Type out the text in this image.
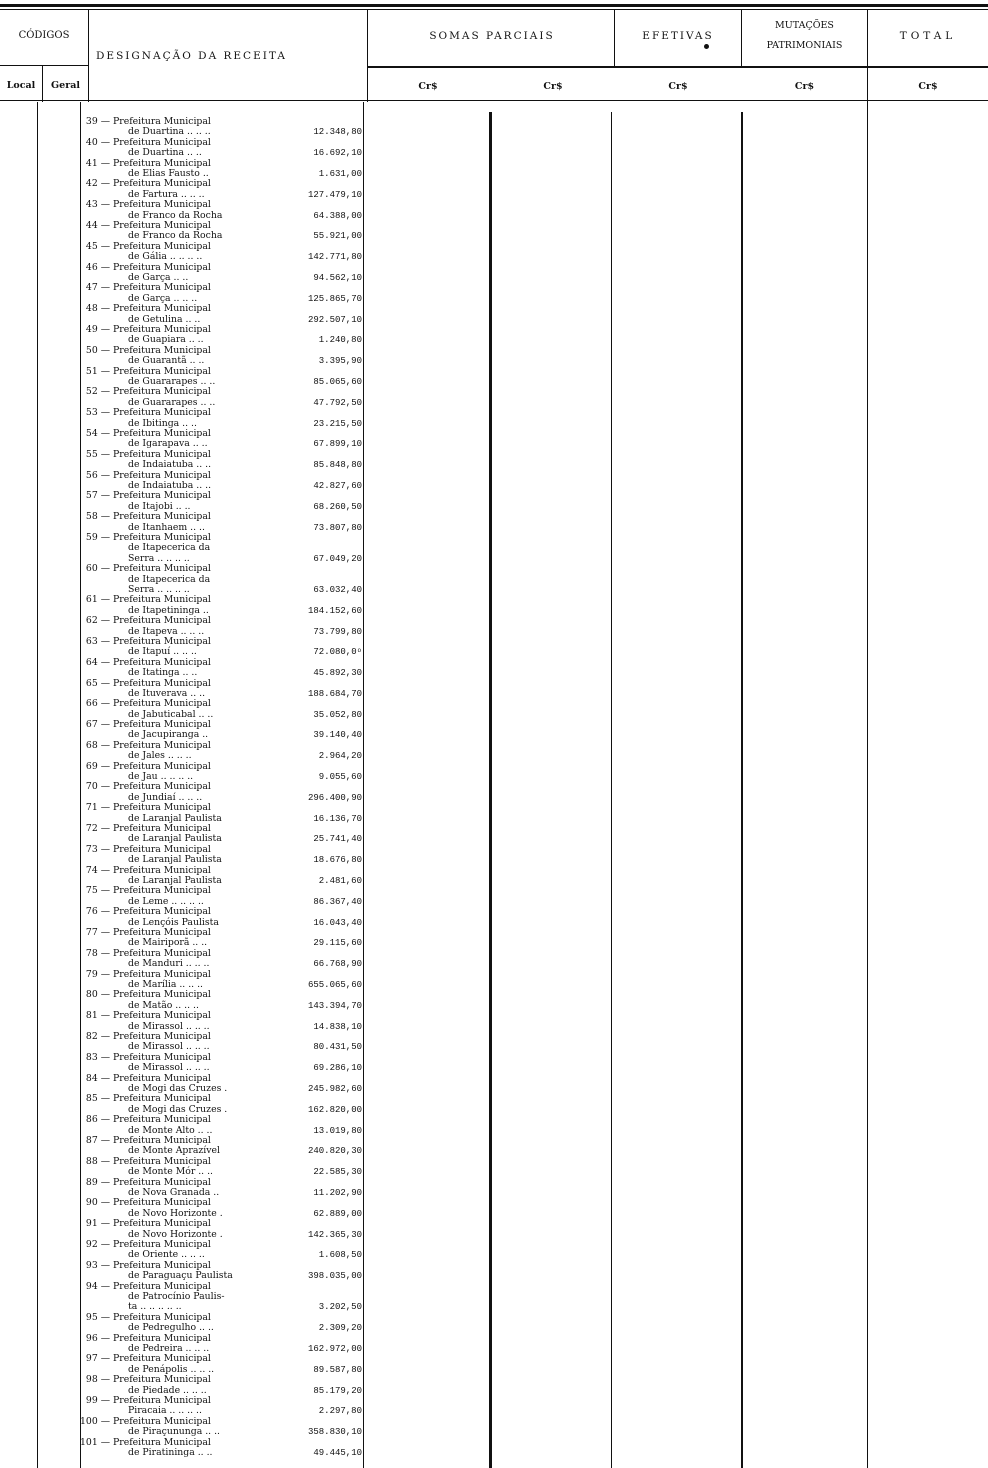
CÓDIGOS
Local	Geral
DESIGNAÇÃO DA RECEITA
SOMAS PARCIAIS	EFETIVAS
MUTAÇÕES
PATRIMONIAIS
TOTAL
Cr$	Cr$	Cr$	Cr$	Cr$
39 — Prefeitura Municipal
de Duartina .. .. ..	12.348,80
40 — Prefeitura Municipal
de Duartina .. ..	16.692,10
41 — Prefeitura Municipal
de Elias Fausto ..	1.631,00
42 — Prefeitura Municipal
de Fartura .. .. ..	127.479,10
43 — Prefeitura Municipal
de Franco da Rocha	64.388,00
44 — Prefeitura Municipal
de Franco da Rocha	55.921,00
45 — Prefeitura Municipal
de Gália .. .. .. ..	142.771,80
46 — Prefeitura Municipal
de Garça .. ..	94.562,10
47 — Prefeitura Municipal
de Garça .. .. ..	125.865,70
48 — Prefeitura Municipal
de Getulina .. ..	292.507,10
49 — Prefeitura Municipal
de Guapiara .. ..	1.240,80
50 — Prefeitura Municipal
de Guarantã .. ..	3.395,90
51 — Prefeitura Municipal
de Guararapes .. ..	85.065,60
52 — Prefeitura Municipal
de Guararapes .. ..	47.792,50
53 — Prefeitura Municipal
de Ibitinga .. ..	23.215,50
54 — Prefeitura Municipal
de Igarapava .. ..	67.899,10
55 — Prefeitura Municipal
de Indaiatuba .. ..	85.848,80
56 — Prefeitura Municipal
de Indaiatuba .. ..	42.827,60
57 — Prefeitura Municipal
de Itajobi .. ..	68.260,50
58 — Prefeitura Municipal
de Itanhaem .. ..	73.807,80
59 — Prefeitura Municipal
de Itapecerica da
Serra .. .. .. ..	67.049,20
60 — Prefeitura Municipal
de Itapecerica da
Serra .. .. .. ..	63.032,40
61 — Prefeitura Municipal
de Itapetininga ..	184.152,60
62 — Prefeitura Municipal
de Itapeva .. .. ..	73.799,80
63 — Prefeitura Municipal
de Itapuí .. .. ..	72.080,0ᵒ
64 — Prefeitura Municipal
de Itatinga .. ..	45.892,30
65 — Prefeitura Municipal
de Ituverava .. ..	188.684,70
66 — Prefeitura Municipal
de Jabuticabal .. ..	35.052,80
67 — Prefeitura Municipal
de Jacupiranga ..	39.140,40
68 — Prefeitura Municipal
de Jales .. .. ..	2.964,20
69 — Prefeitura Municipal
de Jau .. .. .. ..	9.055,60
70 — Prefeitura Municipal
de Jundiaí .. .. ..	296.400,90
71 — Prefeitura Municipal
de Laranjal Paulista	16.136,70
72 — Prefeitura Municipal
de Laranjal Paulista	25.741,40
73 — Prefeitura Municipal
de Laranjal Paulista	18.676,80
74 — Prefeitura Municipal
de Laranjal Paulista	2.481,60
75 — Prefeitura Municipal
de Leme .. .. .. ..	86.367,40
76 — Prefeitura Municipal
de Lençóis Paulista	16.043,40
77 — Prefeitura Municipal
de Mairiporã .. ..	29.115,60
78 — Prefeitura Municipal
de Manduri .. .. ..	66.768,90
79 — Prefeitura Municipal
de Marília .. .. ..	655.065,60
80 — Prefeitura Municipal
de Matão .. .. ..	143.394,70
81 — Prefeitura Municipal
de Mirassol .. .. ..	14.838,10
82 — Prefeitura Municipal
de Mirassol .. .. ..	80.431,50
83 — Prefeitura Municipal
de Mirassol .. .. ..	69.286,10
84 — Prefeitura Municipal
de Mogi das Cruzes .	245.982,60
85 — Prefeitura Municipal
de Mogi das Cruzes .	162.820,00
86 — Prefeitura Municipal
de Monte Alto .. ..	13.019,80
87 — Prefeitura Municipal
de Monte Aprazível	240.820,30
88 — Prefeitura Municipal
de Monte Mór .. ..	22.585,30
89 — Prefeitura Municipal
de Nova Granada ..	11.202,90
90 — Prefeitura Municipal
de Novo Horizonte .	62.889,00
91 — Prefeitura Municipal
de Novo Horizonte .	142.365,30
92 — Prefeitura Municipal
de Oriente .. .. ..	1.608,50
93 — Prefeitura Municipal
de Paraguaçu Paulista	398.035,00
94 — Prefeitura Municipal
de Patrocínio Paulis-
ta .. .. .. .. ..	3.202,50
95 — Prefeitura Municipal
de Pedregulho .. ..	2.309,20
96 — Prefeitura Municipal
de Pedreira .. .. ..	162.972,00
97 — Prefeitura Municipal
de Penápolis .. .. ..	89.587,80
98 — Prefeitura Municipal
de Piedade .. .. ..	85.179,20
99 — Prefeitura Municipal
Piracaia .. .. .. ..	2.297,80
100 — Prefeitura Municipal
de Piraçununga .. ..	358.830,10
101 — Prefeitura Municipal
de Piratininga .. ..	49.445,10
